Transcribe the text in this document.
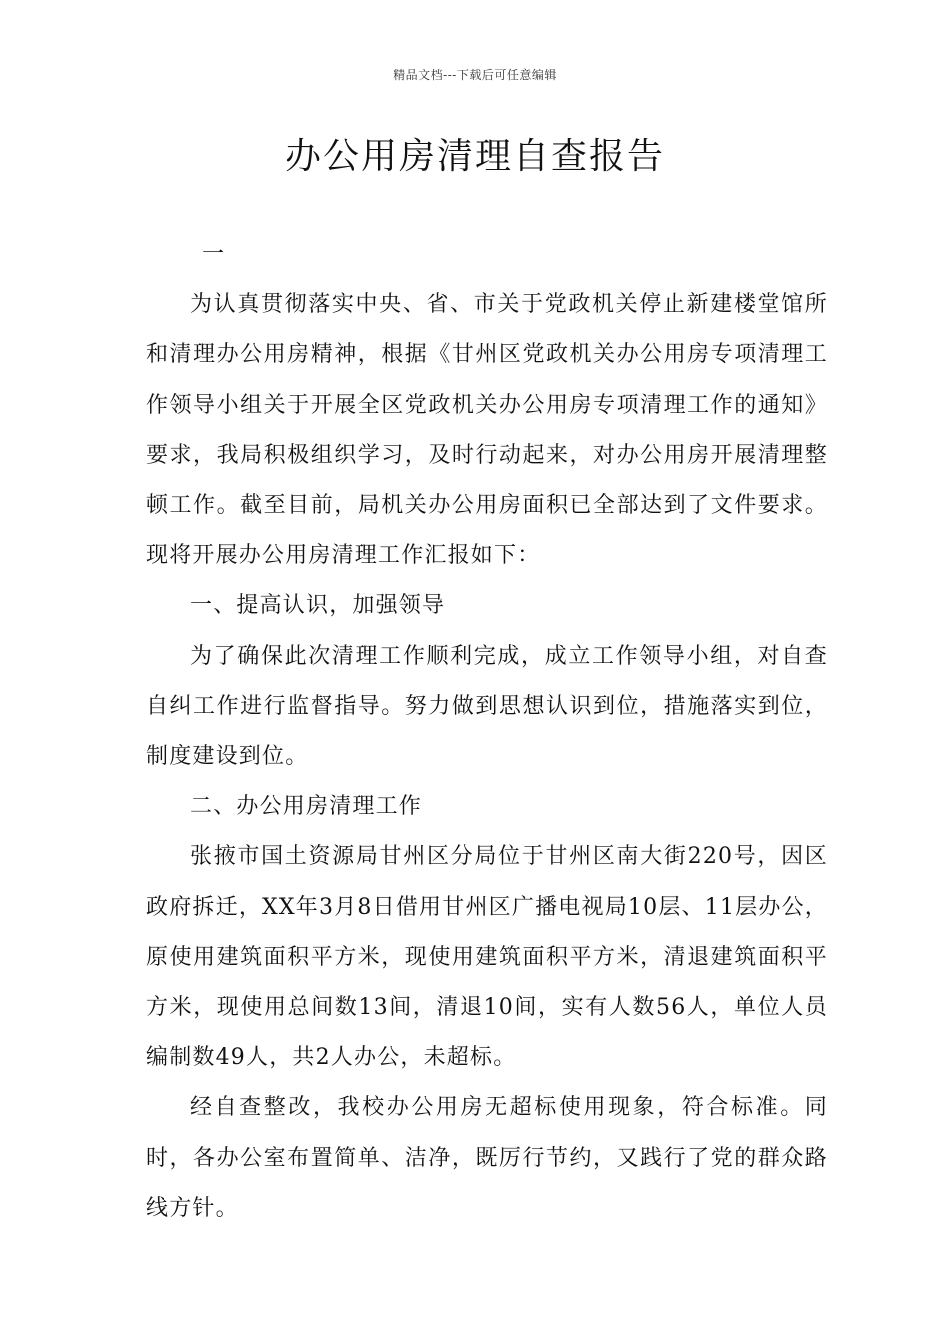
精品文档---下载后可任意编辑
办公用房清理自查报告

一

为认真贯彻落实中央、省、市关于党政机关停止新建楼堂馆所和清理办公用房精神，根据《甘州区党政机关办公用房专项清理工作领导小组关于开展全区党政机关办公用房专项清理工作的通知》要求，我局积极组织学习，及时行动起来，对办公用房开展清理整顿工作。截至目前，局机关办公用房面积已全部达到了文件要求。现将开展办公用房清理工作汇报如下：

一、提高认识，加强领导

为了确保此次清理工作顺利完成，成立工作领导小组，对自查自纠工作进行监督指导。努力做到思想认识到位，措施落实到位，制度建设到位。

二、办公用房清理工作

张掖市国土资源局甘州区分局位于甘州区南大街220号，因区政府拆迁，XX年3月8日借用甘州区广播电视局10层、11层办公，原使用建筑面积平方米，现使用建筑面积平方米，清退建筑面积平方米，现使用总间数13间，清退10间，实有人数56人，单位人员编制数49人，共2人办公，未超标。

经自查整改，我校办公用房无超标使用现象，符合标准。同时，各办公室布置简单、洁净，既厉行节约，又践行了党的群众路线方针。
